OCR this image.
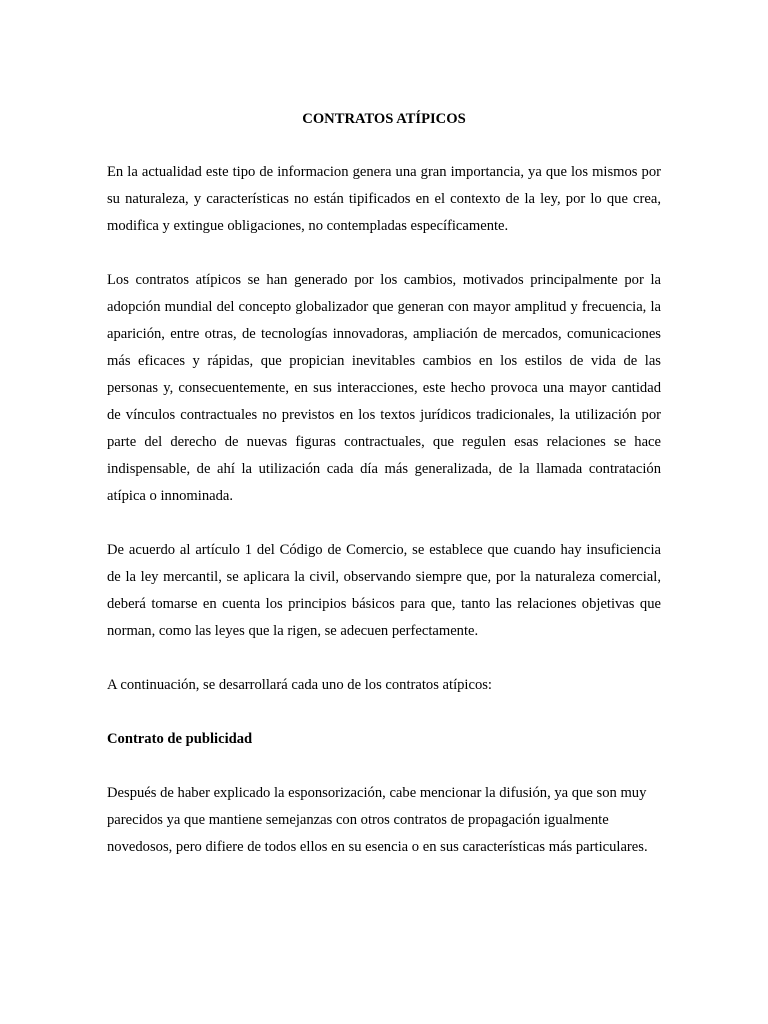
CONTRATOS ATÍPICOS

En la actualidad este tipo de informacion genera una gran importancia, ya que los mismos por su naturaleza, y características no están tipificados en el contexto de la ley, por lo que crea, modifica y extingue obligaciones, no contempladas específicamente.

Los contratos atípicos se han generado por los cambios, motivados principalmente por la adopción mundial del concepto globalizador que generan con mayor amplitud y frecuencia, la aparición, entre otras, de tecnologías innovadoras, ampliación de mercados, comunicaciones más eficaces y rápidas, que propician inevitables cambios en los estilos de vida de las personas y, consecuentemente, en sus interacciones, este hecho provoca una mayor cantidad de vínculos contractuales no previstos en los textos jurídicos tradicionales, la utilización por parte del derecho de nuevas figuras contractuales, que regulen esas relaciones se hace indispensable, de ahí la utilización cada día más generalizada, de la llamada contratación atípica o innominada.

De acuerdo al artículo 1 del Código de Comercio, se establece que cuando hay insuficiencia de la ley mercantil, se aplicara la civil, observando siempre que, por la naturaleza comercial, deberá tomarse en cuenta los principios básicos para que, tanto las relaciones objetivas que norman, como las leyes que la rigen, se adecuen perfectamente.

A continuación, se desarrollará cada uno de los contratos atípicos:

Contrato de publicidad

Después de haber explicado la esponsorización, cabe mencionar la difusión, ya que son muy parecidos ya que mantiene semejanzas con otros contratos de propagación igualmente novedosos, pero difiere de todos ellos en su esencia o en sus características más particulares.
